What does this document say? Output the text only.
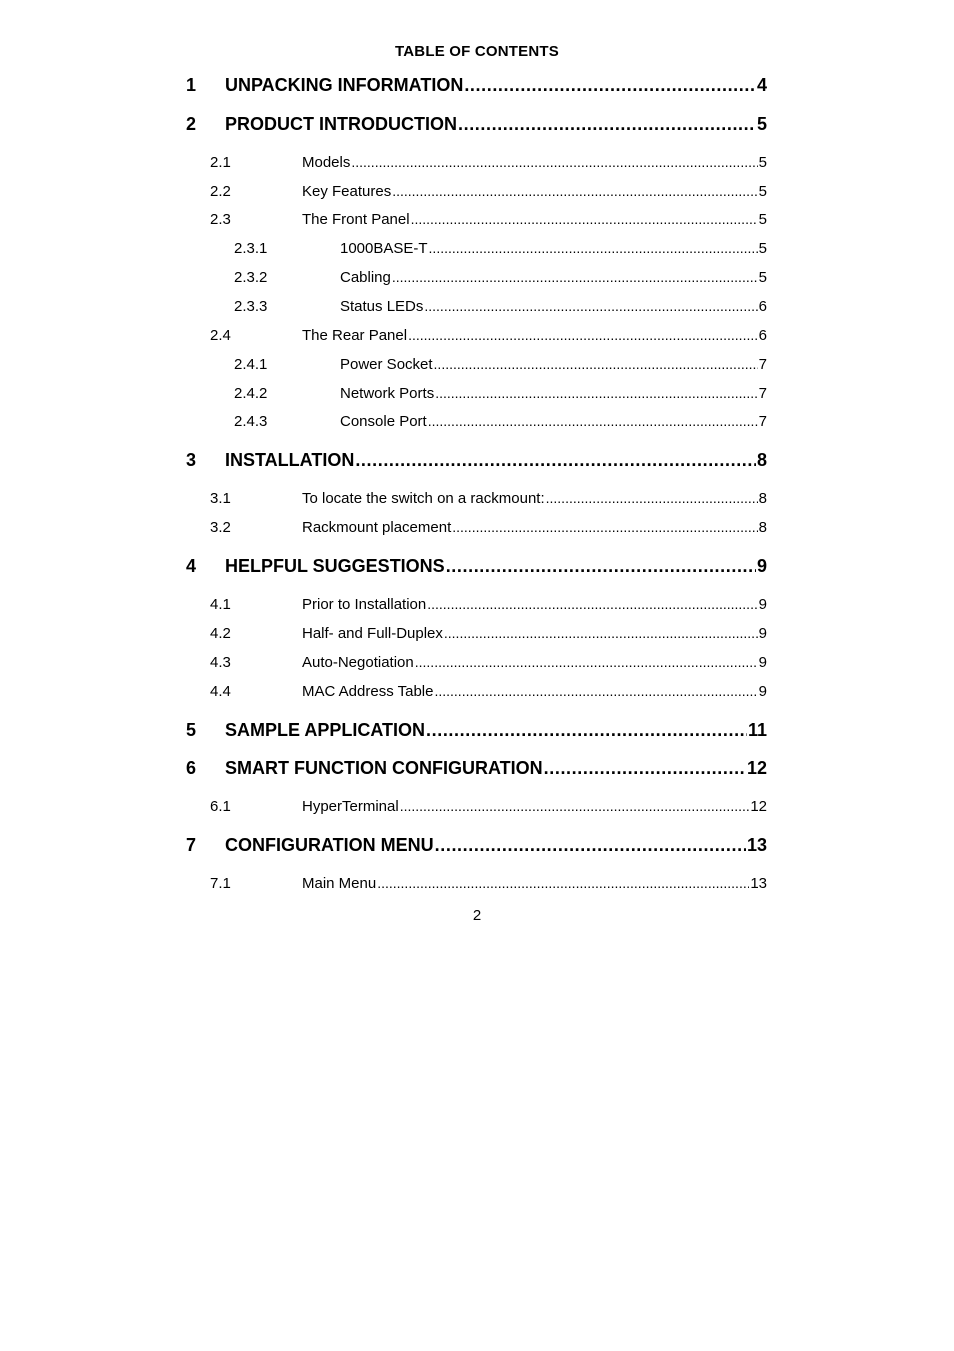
TABLE OF CONTENTS
1	UNPACKING INFORMATION .....	4
2	PRODUCT INTRODUCTION .....	5
2.1	Models .....	5
2.2	Key Features .....	5
2.3	The Front Panel .....	5
2.3.1	1000BASE-T .....	5
2.3.2	Cabling .....	5
2.3.3	Status LEDs .....	6
2.4	The Rear Panel .....	6
2.4.1	Power Socket .....	7
2.4.2	Network Ports .....	7
2.4.3	Console Port .....	7
3	INSTALLATION .....	8
3.1	To locate the switch on a rackmount: .....	8
3.2	Rackmount placement .....	8
4	HELPFUL SUGGESTIONS .....	9
4.1	Prior to Installation .....	9
4.2	Half- and Full-Duplex .....	9
4.3	Auto-Negotiation .....	9
4.4	MAC Address Table .....	9
5	SAMPLE APPLICATION .....	11
6	SMART FUNCTION CONFIGURATION .....	12
6.1	HyperTerminal .....	12
7	CONFIGURATION MENU .....	13
7.1	Main Menu .....	13
2
